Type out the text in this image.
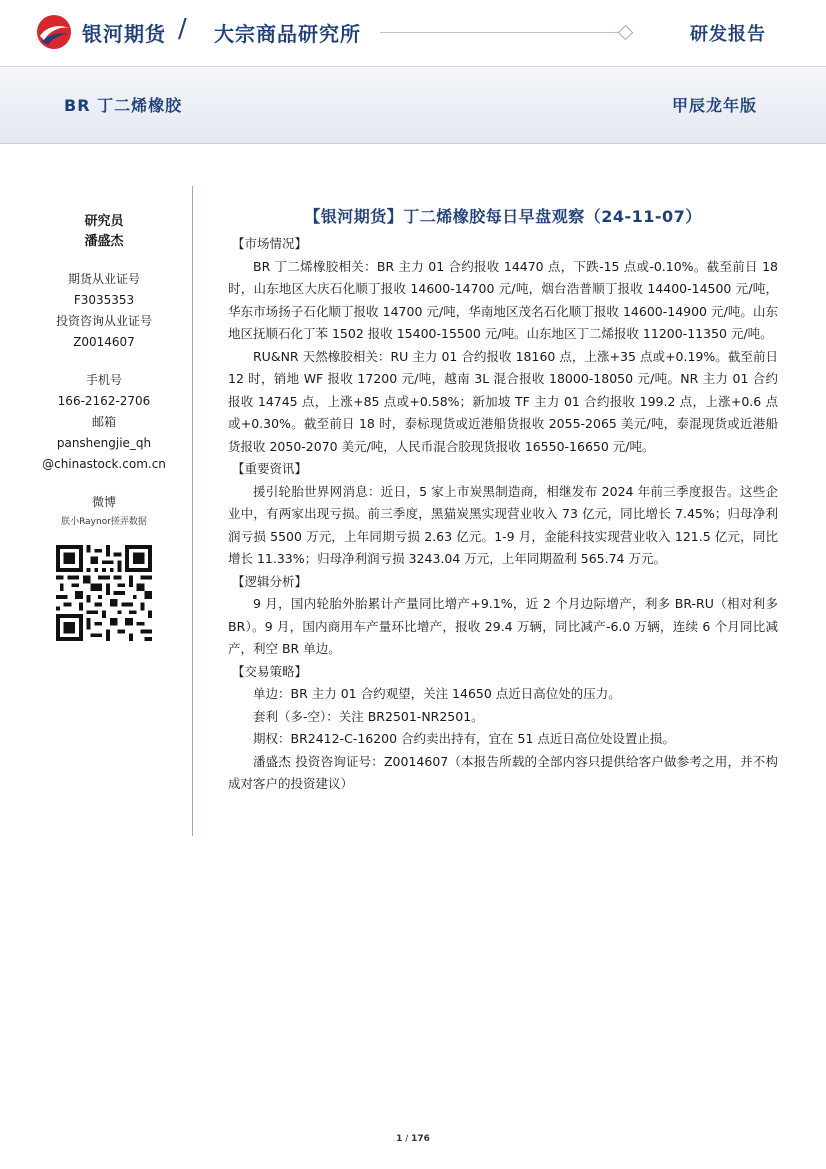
银河期货 / 大宗商品研究所	研发报告
BR 丁二烯橡胶	甲辰龙年版
研究员
潘盛杰
期货从业证号
F3035353
投资咨询从业证号
Z0014607
手机号
166-2162-2706
邮箱
panshengjie_qh
@chinastock.com.cn
微博
朕小Raynor搓弄数据
【银河期货】丁二烯橡胶每日早盘观察（24-11-07）
【市场情况】

BR 丁二烯橡胶相关：BR 主力 01 合约报收 14470 点，下跌-15 点或-0.10%。截至前日 18 时，山东地区大庆石化顺丁报收 14600-14700 元/吨，烟台浩普顺丁报收 14400-14500 元/吨，华东市场扬子石化顺丁报收 14700 元/吨，华南地区茂名石化顺丁报收 14600-14900 元/吨。山东地区抚顺石化丁苯 1502 报收 15400-15500 元/吨。山东地区丁二烯报收 11200-11350 元/吨。

RU&NR 天然橡胶相关：RU 主力 01 合约报收 18160 点，上涨+35 点或+0.19%。截至前日 12 时，销地 WF 报收 17200 元/吨，越南 3L 混合报收 18000-18050 元/吨。NR 主力 01 合约报收 14745 点，上涨+85 点或+0.58%；新加坡 TF 主力 01 合约报收 199.2 点，上涨+0.6 点或+0.30%。截至前日 18 时，泰标现货或近港船货报收 2055-2065 美元/吨，泰混现货或近港船货报收 2050-2070 美元/吨，人民币混合胶现货报收 16550-16650 元/吨。

【重要资讯】

援引轮胎世界网消息：近日，5 家上市炭黑制造商，相继发布 2024 年前三季度报告。这些企业中，有两家出现亏损。前三季度，黑猫炭黑实现营业收入 73 亿元，同比增长 7.45%；归母净利润亏损 5500 万元，上年同期亏损 2.63 亿元。1-9 月，金能科技实现营业收入 121.5 亿元，同比增长 11.33%；归母净利润亏损 3243.04 万元，上年同期盈利 565.74 万元。

【逻辑分析】

9 月，国内轮胎外胎累计产量同比增产+9.1%，近 2 个月边际增产，利多 BR-RU（相对利多 BR）。9 月，国内商用车产量环比增产，报收 29.4 万辆，同比减产-6.0 万辆，连续 6 个月同比减产，利空 BR 单边。

【交易策略】

单边：BR 主力 01 合约观望，关注 14650 点近日高位处的压力。

套利（多-空）：关注 BR2501-NR2501。

期权：BR2412-C-16200 合约卖出持有，宜在 51 点近日高位处设置止损。

潘盛杰 投资咨询证号：Z0014607（本报告所载的全部内容只提供给客户做参考之用，并不构成对客户的投资建议）

1 / 176
